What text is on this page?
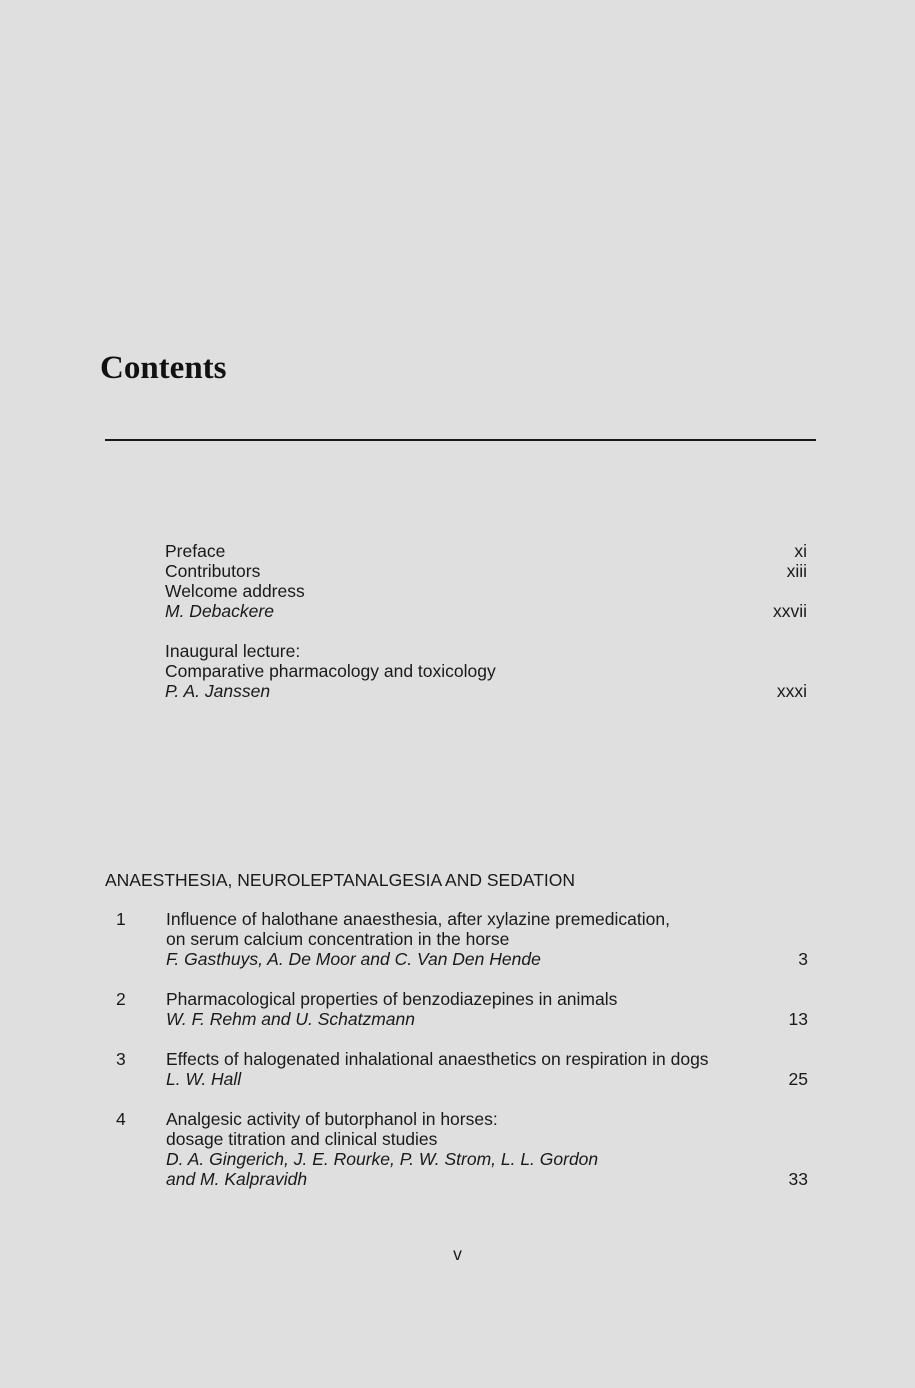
Contents
Preface	xi
Contributors	xiii
Welcome address
M. Debackere	xxvii
Inaugural lecture:
Comparative pharmacology and toxicology
P. A. Janssen	xxxi
ANAESTHESIA, NEUROLEPTANALGESIA AND SEDATION
1 Influence of halothane anaesthesia, after xylazine premedication,
on serum calcium concentration in the horse
F. Gasthuys, A. De Moor and C. Van Den Hende	3
2 Pharmacological properties of benzodiazepines in animals
W. F. Rehm and U. Schatzmann	13
3 Effects of halogenated inhalational anaesthetics on respiration in dogs
L. W. Hall	25
4 Analgesic activity of butorphanol in horses:
dosage titration and clinical studies
D. A. Gingerich, J. E. Rourke, P. W. Strom, L. L. Gordon
and M. Kalpravidh	33
v
